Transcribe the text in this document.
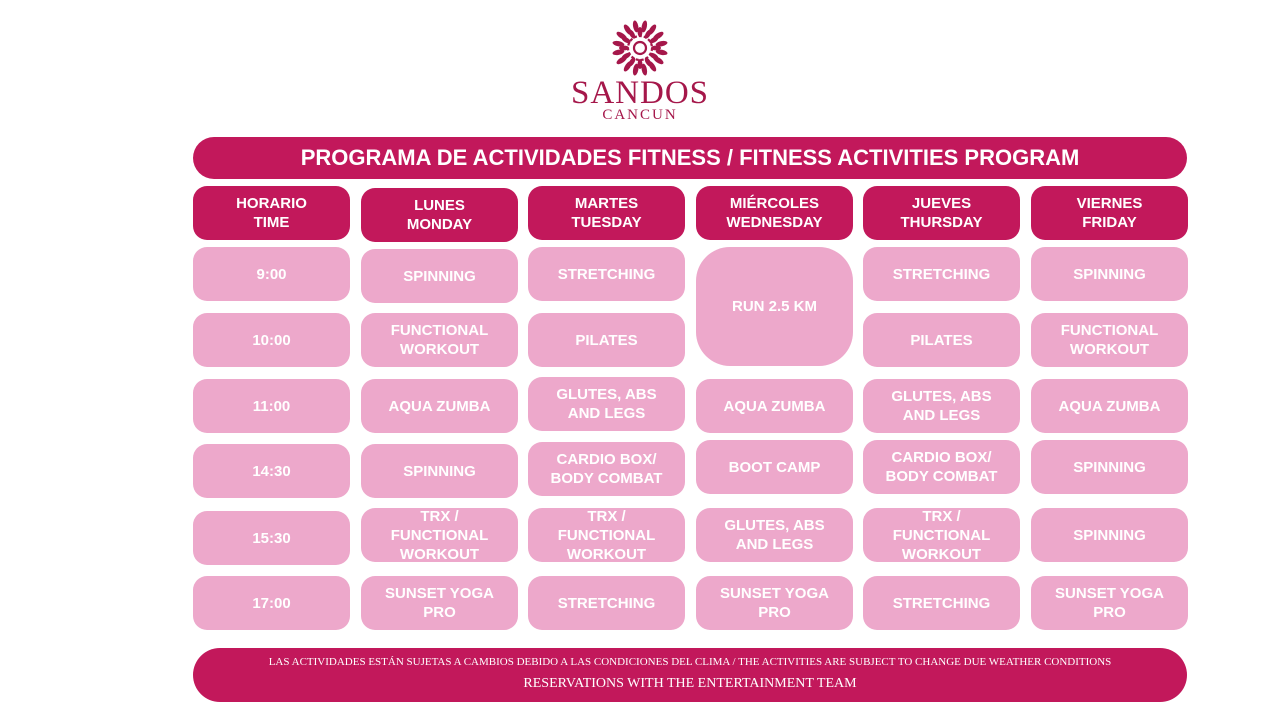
SANDOS
CANCUN
PROGRAMA DE ACTIVIDADES FITNESS / FITNESS ACTIVITIES PROGRAM
HORARIO
TIME
LUNES
MONDAY
MARTES
TUESDAY
MIÉRCOLES
WEDNESDAY
JUEVES
THURSDAY
VIERNES
FRIDAY
9:00
10:00
11:00
14:30
15:30
17:00
SPINNING
FUNCTIONAL
WORKOUT
AQUA ZUMBA
SPINNING
TRX /
FUNCTIONAL
WORKOUT
SUNSET YOGA
PRO
STRETCHING
PILATES
GLUTES, ABS
AND LEGS
CARDIO BOX/
BODY COMBAT
TRX /
FUNCTIONAL
WORKOUT
STRETCHING
RUN 2.5 KM
AQUA ZUMBA
BOOT CAMP
GLUTES, ABS
AND LEGS
SUNSET YOGA
PRO
STRETCHING
PILATES
GLUTES, ABS
AND LEGS
CARDIO BOX/
BODY COMBAT
TRX /
FUNCTIONAL
WORKOUT
STRETCHING
SPINNING
FUNCTIONAL
WORKOUT
AQUA ZUMBA
SPINNING
SPINNING
SUNSET YOGA
PRO
LAS ACTIVIDADES ESTÁN SUJETAS A CAMBIOS DEBIDO A LAS CONDICIONES DEL CLIMA / THE ACTIVITIES ARE SUBJECT TO CHANGE DUE WEATHER CONDITIONS
RESERVATIONS WITH THE ENTERTAINMENT TEAM
